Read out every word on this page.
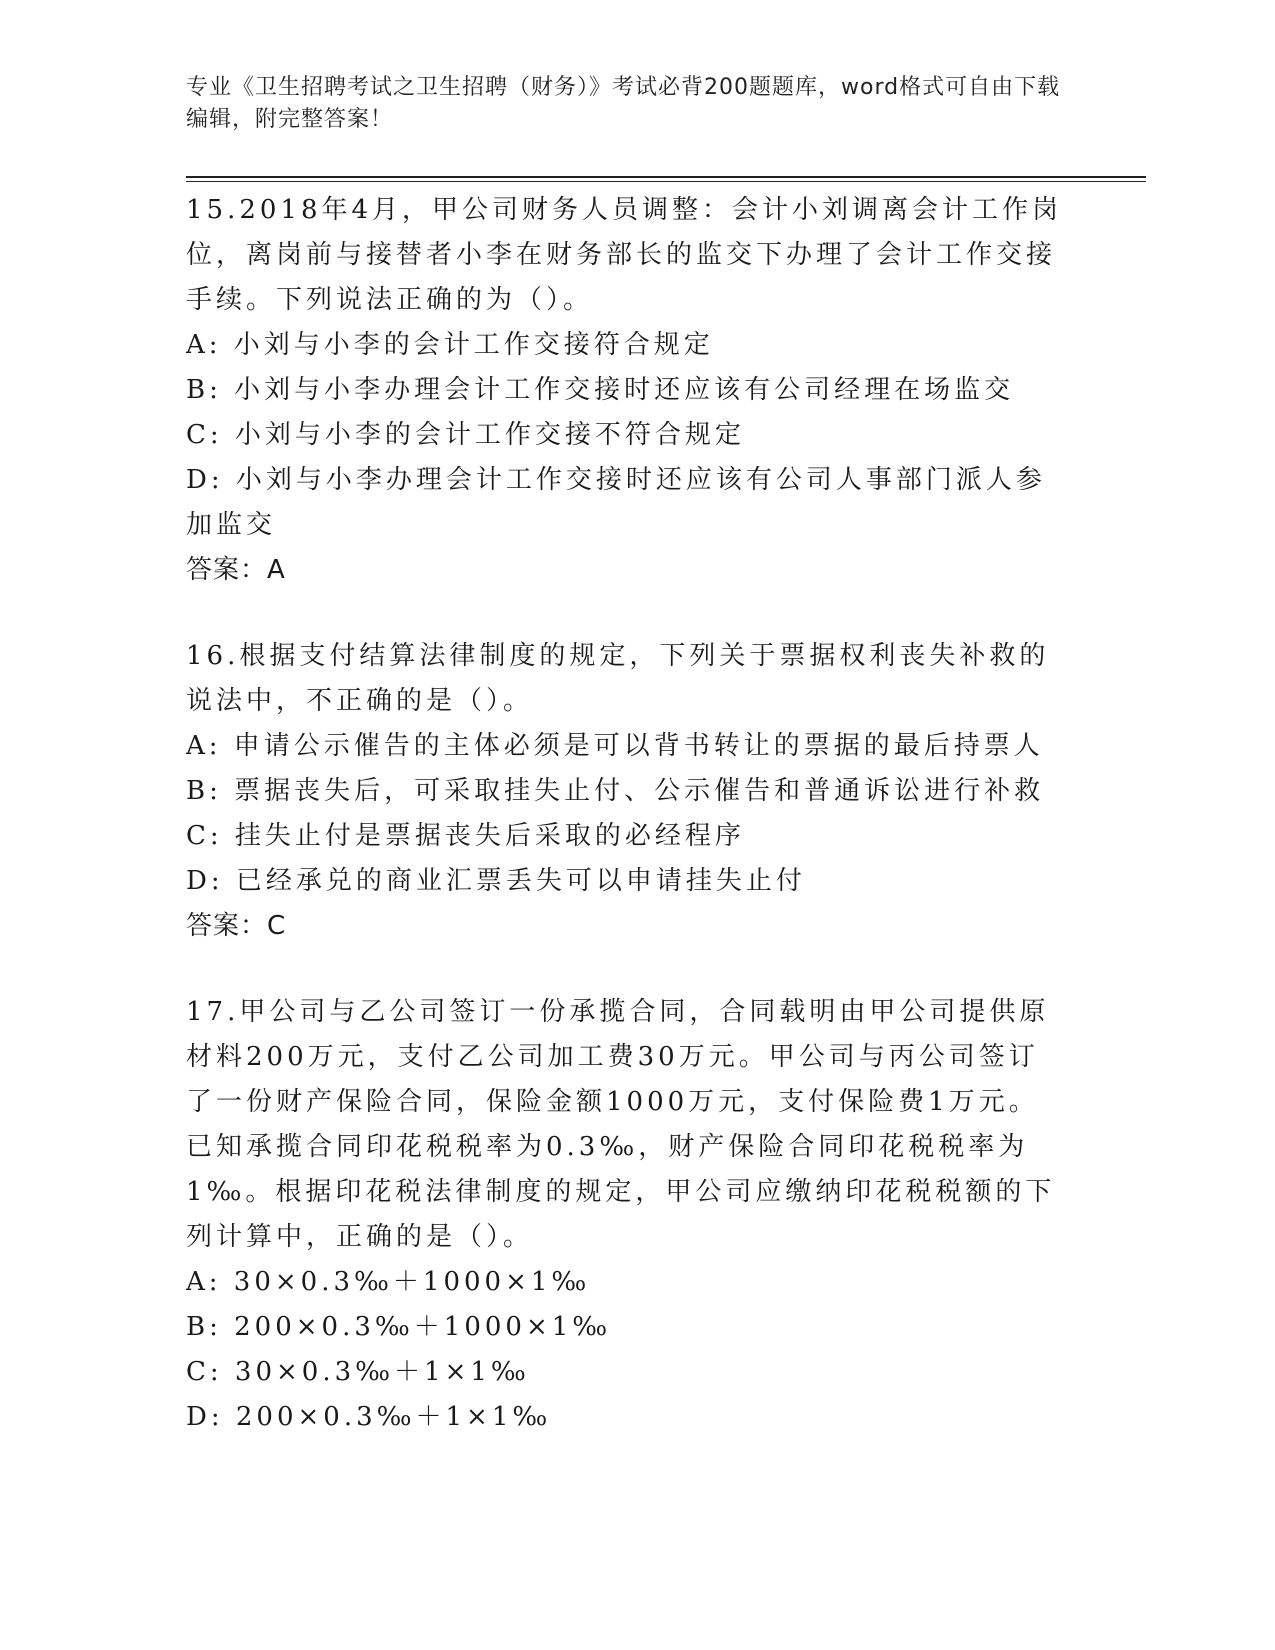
专业《卫生招聘考试之卫生招聘（财务）》考试必背200题题库，word格式可自由下载编辑，附完整答案！
15.2018年4月，甲公司财务人员调整：会计小刘调离会计工作岗位，离岗前与接替者小李在财务部长的监交下办理了会计工作交接手续。下列说法正确的为（）。
A: 小刘与小李的会计工作交接符合规定
B: 小刘与小李办理会计工作交接时还应该有公司经理在场监交
C: 小刘与小李的会计工作交接不符合规定
D: 小刘与小李办理会计工作交接时还应该有公司人事部门派人参加监交
答案：A
16.根据支付结算法律制度的规定，下列关于票据权利丧失补救的说法中，不正确的是（）。
A: 申请公示催告的主体必须是可以背书转让的票据的最后持票人
B: 票据丧失后，可采取挂失止付、公示催告和普通诉讼进行补救
C: 挂失止付是票据丧失后采取的必经程序
D: 已经承兑的商业汇票丢失可以申请挂失止付
答案：C
17.甲公司与乙公司签订一份承揽合同，合同载明由甲公司提供原材料200万元，支付乙公司加工费30万元。甲公司与丙公司签订了一份财产保险合同，保险金额1000万元，支付保险费1万元。已知承揽合同印花税税率为0.3‰，财产保险合同印花税税率为1‰。根据印花税法律制度的规定，甲公司应缴纳印花税税额的下列计算中，正确的是（）。
A: 30×0.3‰＋1000×1‰
B: 200×0.3‰＋1000×1‰
C: 30×0.3‰＋1×1‰
D: 200×0.3‰＋1×1‰
